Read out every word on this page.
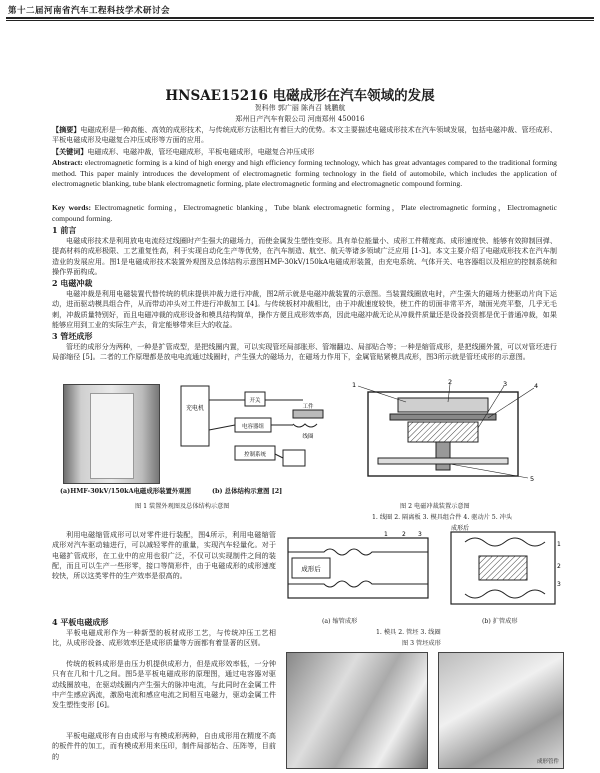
第十二届河南省汽车工程科技学术研讨会
HNSAE15216 电磁成形在汽车领域的发展
贺科伟 郭广丽 陈肖召 姚鹏航
郑州日产汽车有限公司 河南郑州 450016
【摘要】电磁成形是一种高能、高效的成形技术，与传统成形方法相比有着巨大的优势。本文主要描述电磁成形技术在汽车领域发展，包括电磁冲裁、管坯成形、平板电磁成形及电磁复合冲压成形等方面的应用。
【关键词】电磁成形、电磁冲裁，管坯电磁成形，平板电磁成形，电磁复合冲压成形
Abstract: electromagnetic forming is a kind of high energy and high efficiency forming technology, which has great advantages compared to the traditional forming method. This paper mainly introduces the development of electromagnetic forming technology in the field of automobile, which includes the application of electromagnetic blanking, tube blank electromagnetic forming, plate electromagnetic forming and electromagnetic compound forming.
Key words: Electromagnetic forming，Electromagnetic blanking，Tube blank electromagnetic forming，Plate electromagnetic forming，Electromagnetic compound forming.
1 前言
电磁成形技术是利用放电电流经过线圈时产生强大的磁场力，而使金属发生塑性变形。具有单位能量小、成形工件精度高、成形速度快、能够有效抑制回弹、提高材料的成形极限、工艺重复性高，利于实现自动化生产等优势，在汽车制造、航空、航天等诸多领域广泛应用 [1-3]。本文主要介绍了电磁成形技术在汽车制造业的发展应用。图1是电磁成形技术装置外观图及总体结构示意图HMF-30kV/150kA电磁成形装置，由充电系统、气体开关、电容器组以及相应的控制系统和操作界面构成。
2 电磁冲裁
电磁冲裁是利用电磁装置代替传统的机床提供冲裁力进行冲裁，图2所示就是电磁冲裁装置的示意图。当装置线圈放电时，产生强大的磁场力使驱动片向下运动，进而驱动模具组合件，从而带动冲头对工件进行冲裁加工 [4]。与传统板材冲裁相比，由于冲裁速度较快，使工件的切面非常平齐，端面光亮平整，几乎无毛刺，冲裁质量特别好，而且电磁冲裁的成形设备和模具结构简单，操作方便且成形效率高，因此电磁冲裁无论从冲裁件质量还是设备投资都是优于普通冲裁，如果能够应用到工业的实际生产去，肯定能够带来巨大的收益。
3 管坯成形
管坯的成形分为两种，一种是扩管成型，是把线圈内置，可以实现管坯局部胀形、管端翻边、局部贴合等；一种是缩管成形，是把线圈外置，可以对管坯进行局部缩径 [5]。二者的工作原理都是放电电流通过线圈时，产生强大的磁场力，在磁场力作用下，金属管贴紧模具成形，图3所示就是管坯成形的示意图。
充电机
开关
电容器组
工件
线圈
控制系统
(a)HMF-30kV/150kA电磁成形装置外观图	(b) 总体结构示意图 [2]
图 1 装置外观图及总体结构示意图
1	2	3	4
5
图 2 电磁冲裁装置示意图
1. 线圈 2. 隔离板 3. 模具组合件 4. 驱动片 5. 冲头
利用电磁缩管成形可以对零件进行装配，图4所示，利用电磁缩管成形对汽车驱动轴进行，可以减轻零件的重量，实现汽车轻量化。对于电磁扩管成形，在工业中的应用也很广泛，不仅可以实现制件之间的装配，而且可以生产一些形零，接口等简形件，由于电磁成形的成形速度较快，所以这类零件的生产效率是很高的。
4 平板电磁成形
平板电磁成形作为一种新型的板材成形工艺，与传统冲压工艺相比，从成形设备、成形效率还是成形质量等方面都有着显著的区别。
传统的板料成形是由压力机提供成形力，但是成形效率低，一分钟只有在几和十几之间。图5是平板电磁成形的原理图，通过电容器对驱动线圈放电，在驱动线圈内产生强大的脉冲电流，与此同时在金属工件中产生感应涡流，激励电流和感应电流之间相互电磁力，驱动金属工件发生塑性变形 [6]。
平板电磁成形有自由成形与有模成形两种，自由成形用在精度不高的板件件的加工，而有模成形用来压印，制件局部钻合、压阵等，目前的
成形后
1 2 3
成形后
1
2
3
(a) 缩管成形	(b) 扩管成形
1. 模具 2. 管坯 3. 线圈
图 3 管坯成形
成形管件
